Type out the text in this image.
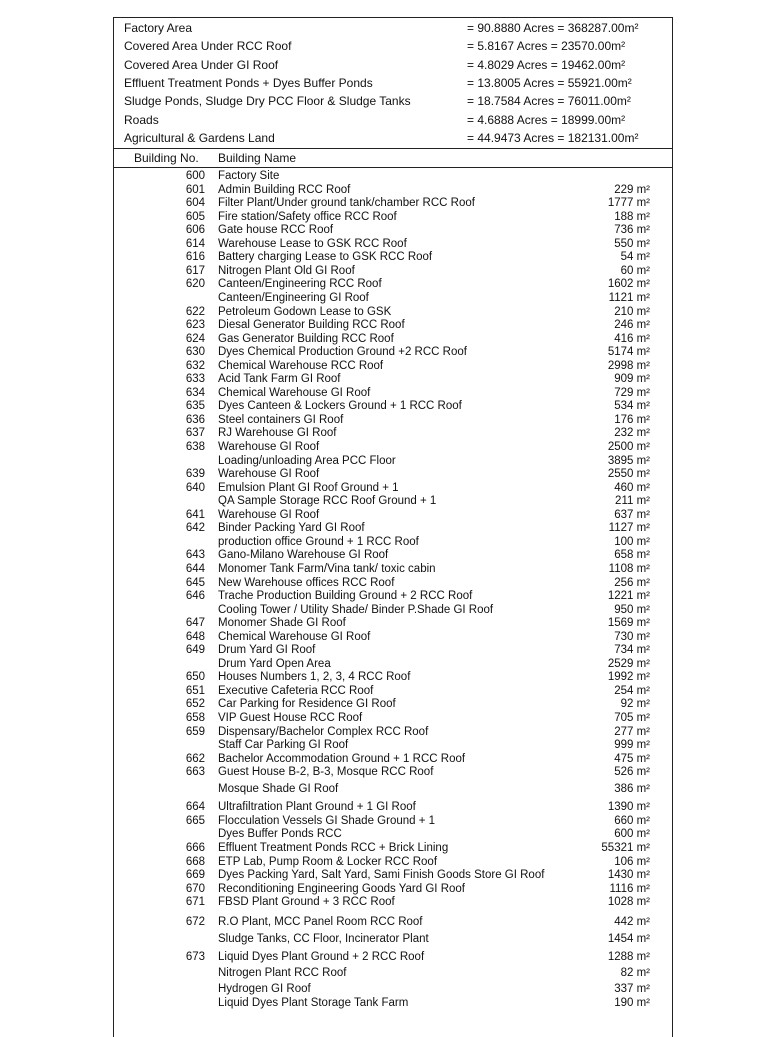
Factory Area	= 90.8880 Acres = 368287.00m²
Covered Area Under RCC Roof	= 5.8167 Acres = 23570.00m²
Covered Area Under GI Roof	= 4.8029 Acres = 19462.00m²
Effluent Treatment Ponds + Dyes Buffer Ponds	= 13.8005 Acres = 55921.00m²
Sludge Ponds, Sludge Dry PCC Floor & Sludge Tanks	= 18.7584 Acres = 76011.00m²
Roads	= 4.6888 Acres = 18999.00m²
Agricultural & Gardens Land	= 44.9473 Acres = 182131.00m²
Building No. Building Name
600 Factory Site
601 Admin Building RCC Roof	229 m²
604 Filter Plant/Under ground tank/chamber RCC Roof	1777 m²
605 Fire station/Safety office RCC Roof	188 m²
606 Gate house RCC Roof	736 m²
614 Warehouse Lease to GSK RCC Roof	550 m²
616 Battery charging Lease to GSK RCC Roof	54 m²
617 Nitrogen Plant Old GI Roof	60 m²
620 Canteen/Engineering RCC Roof	1602 m²
Canteen/Engineering GI Roof	1121 m²
622 Petroleum Godown Lease to GSK	210 m²
623 Diesal Generator Building RCC Roof	246 m²
624 Gas Generator Building RCC Roof	416 m²
630 Dyes Chemical Production Ground +2 RCC Roof	5174 m²
632 Chemical Warehouse RCC Roof	2998 m²
633 Acid Tank Farm GI Roof	909 m²
634 Chemical Warehouse GI Roof	729 m²
635 Dyes Canteen & Lockers Ground + 1 RCC Roof	534 m²
636 Steel containers GI Roof	176 m²
637 RJ Warehouse GI Roof	232 m²
638 Warehouse GI Roof	2500 m²
Loading/unloading Area PCC Floor	3895 m²
639 Warehouse GI Roof	2550 m²
640 Emulsion Plant GI Roof Ground + 1	460 m²
QA Sample Storage RCC Roof Ground + 1	211 m²
641 Warehouse GI Roof	637 m²
642 Binder Packing Yard GI Roof	1127 m²
production office Ground + 1 RCC Roof	100 m²
643 Gano-Milano Warehouse GI Roof	658 m²
644 Monomer Tank Farm/Vina tank/ toxic cabin	1108 m²
645 New Warehouse offices RCC Roof	256 m²
646 Trache Production Building Ground + 2 RCC Roof	1221 m²
Cooling Tower / Utility Shade/ Binder P.Shade GI Roof	950 m²
647 Monomer Shade GI Roof	1569 m²
648 Chemical Warehouse GI Roof	730 m²
649 Drum Yard GI Roof	734 m²
Drum Yard Open Area	2529 m²
650 Houses Numbers 1, 2, 3, 4 RCC Roof	1992 m²
651 Executive Cafeteria RCC Roof	254 m²
652 Car Parking for Residence GI Roof	92 m²
658 VIP Guest House RCC Roof	705 m²
659 Dispensary/Bachelor Complex RCC Roof	277 m²
Staff Car Parking GI Roof	999 m²
662 Bachelor Accommodation Ground + 1 RCC Roof	475 m²
663 Guest House B-2, B-3, Mosque RCC Roof	526 m²
Mosque Shade GI Roof	386 m²
664 Ultrafiltration Plant Ground + 1 GI Roof	1390 m²
665 Flocculation Vessels GI Shade Ground + 1	660 m²
Dyes Buffer Ponds RCC	600 m²
666 Effluent Treatment Ponds RCC + Brick Lining	55321 m²
668 ETP Lab, Pump Room & Locker RCC Roof	106 m²
669 Dyes Packing Yard, Salt Yard, Sami Finish Goods Store GI Roof	1430 m²
670 Reconditioning Engineering Goods Yard GI Roof	1116 m²
671 FBSD Plant Ground + 3 RCC Roof	1028 m²
672 R.O Plant, MCC Panel Room RCC Roof	442 m²
Sludge Tanks, CC Floor, Incinerator Plant	1454 m²
673 Liquid Dyes Plant Ground + 2 RCC Roof	1288 m²
Nitrogen Plant RCC Roof	82 m²
Hydrogen GI Roof	337 m²
Liquid Dyes Plant Storage Tank Farm	190 m²
